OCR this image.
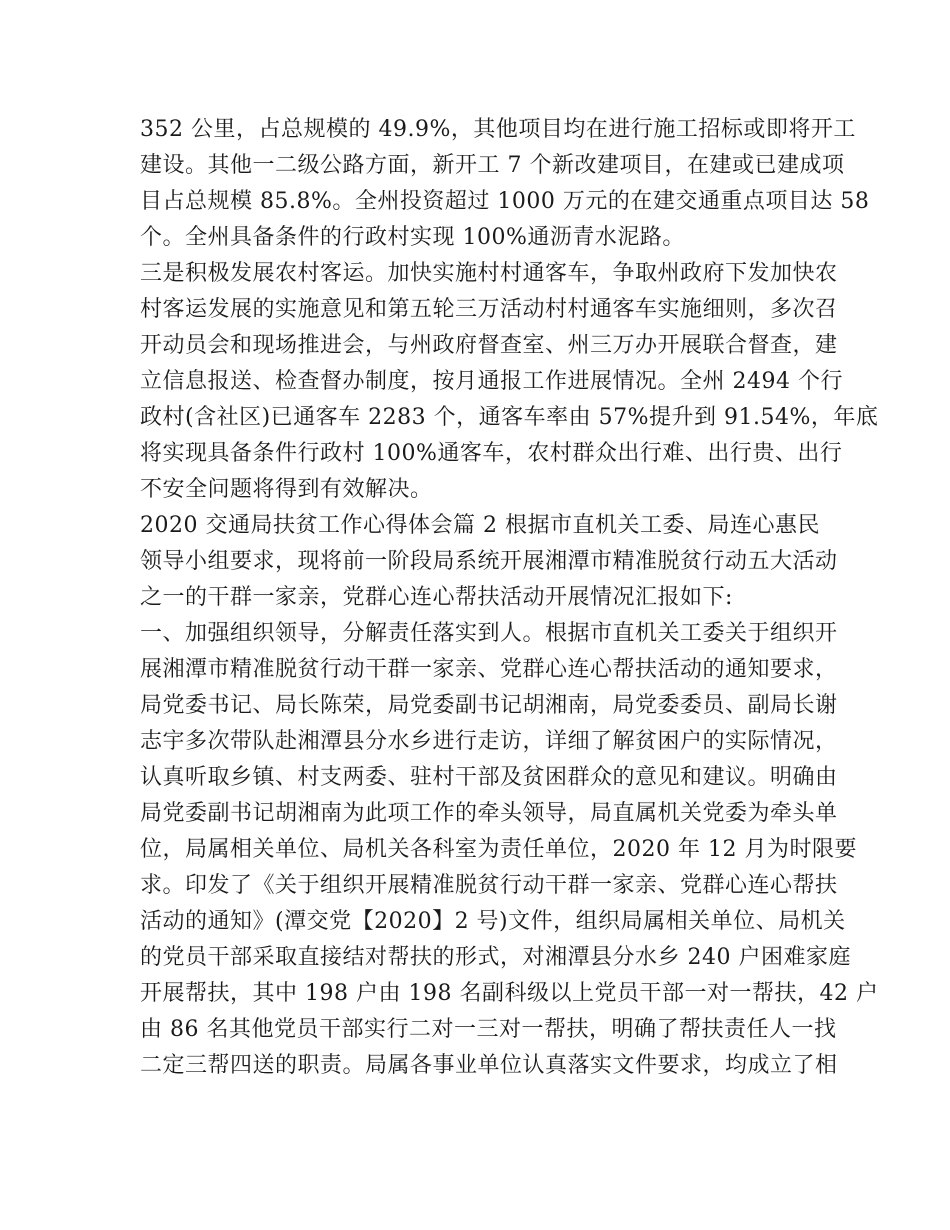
352 公里，占总规模的 49.9%，其他项目均在进行施工招标或即将开工
建设。其他一二级公路方面，新开工 7 个新改建项目，在建或已建成项
目占总规模 85.8%。全州投资超过 1000 万元的在建交通重点项目达 58
个。全州具备条件的行政村实现 100%通沥青水泥路。
三是积极发展农村客运。加快实施村村通客车，争取州政府下发加快农
村客运发展的实施意见和第五轮三万活动村村通客车实施细则，多次召
开动员会和现场推进会，与州政府督查室、州三万办开展联合督查，建
立信息报送、检查督办制度，按月通报工作进展情况。全州 2494 个行
政村(含社区)已通客车 2283 个，通客车率由 57%提升到 91.54%，年底
将实现具备条件行政村 100%通客车，农村群众出行难、出行贵、出行
不安全问题将得到有效解决。
2020 交通局扶贫工作心得体会篇 2 根据市直机关工委、局连心惠民
领导小组要求，现将前一阶段局系统开展湘潭市精准脱贫行动五大活动
之一的干群一家亲，党群心连心帮扶活动开展情况汇报如下:
一、加强组织领导，分解责任落实到人。根据市直机关工委关于组织开
展湘潭市精准脱贫行动干群一家亲、党群心连心帮扶活动的通知要求，
局党委书记、局长陈荣，局党委副书记胡湘南，局党委委员、副局长谢
志宇多次带队赴湘潭县分水乡进行走访，详细了解贫困户的实际情况，
认真听取乡镇、村支两委、驻村干部及贫困群众的意见和建议。明确由
局党委副书记胡湘南为此项工作的牵头领导，局直属机关党委为牵头单
位，局属相关单位、局机关各科室为责任单位，2020 年 12 月为时限要
求。印发了《关于组织开展精准脱贫行动干群一家亲、党群心连心帮扶
活动的通知》(潭交党【2020】2 号)文件，组织局属相关单位、局机关
的党员干部采取直接结对帮扶的形式，对湘潭县分水乡 240 户困难家庭
开展帮扶，其中 198 户由 198 名副科级以上党员干部一对一帮扶，42 户
由 86 名其他党员干部实行二对一三对一帮扶，明确了帮扶责任人一找
二定三帮四送的职责。局属各事业单位认真落实文件要求，均成立了相
